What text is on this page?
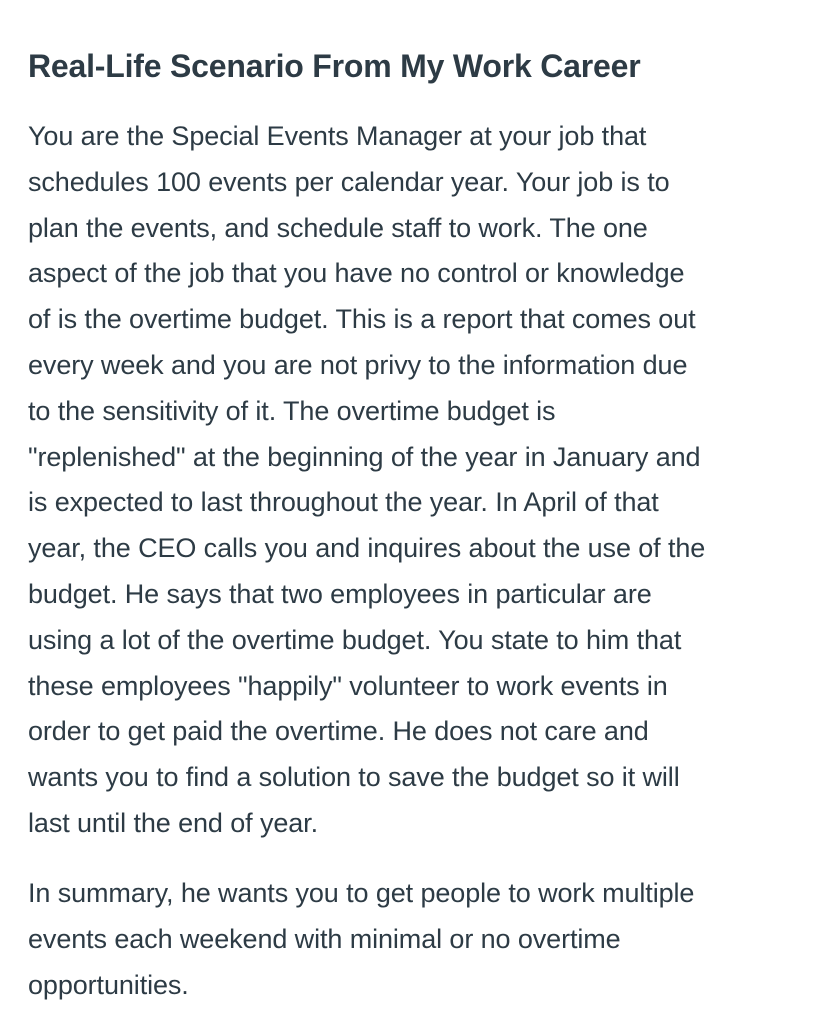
Real-Life Scenario From My Work Career

You are the Special Events Manager at your job that
schedules 100 events per calendar year. Your job is to
plan the events, and schedule staff to work. The one
aspect of the job that you have no control or knowledge
of is the overtime budget. This is a report that comes out
every week and you are not privy to the information due
to the sensitivity of it. The overtime budget is
"replenished" at the beginning of the year in January and
is expected to last throughout the year. In April of that
year, the CEO calls you and inquires about the use of the
budget. He says that two employees in particular are
using a lot of the overtime budget. You state to him that
these employees "happily" volunteer to work events in
order to get paid the overtime. He does not care and
wants you to find a solution to save the budget so it will
last until the end of year.

In summary, he wants you to get people to work multiple
events each weekend with minimal or no overtime
opportunities.
